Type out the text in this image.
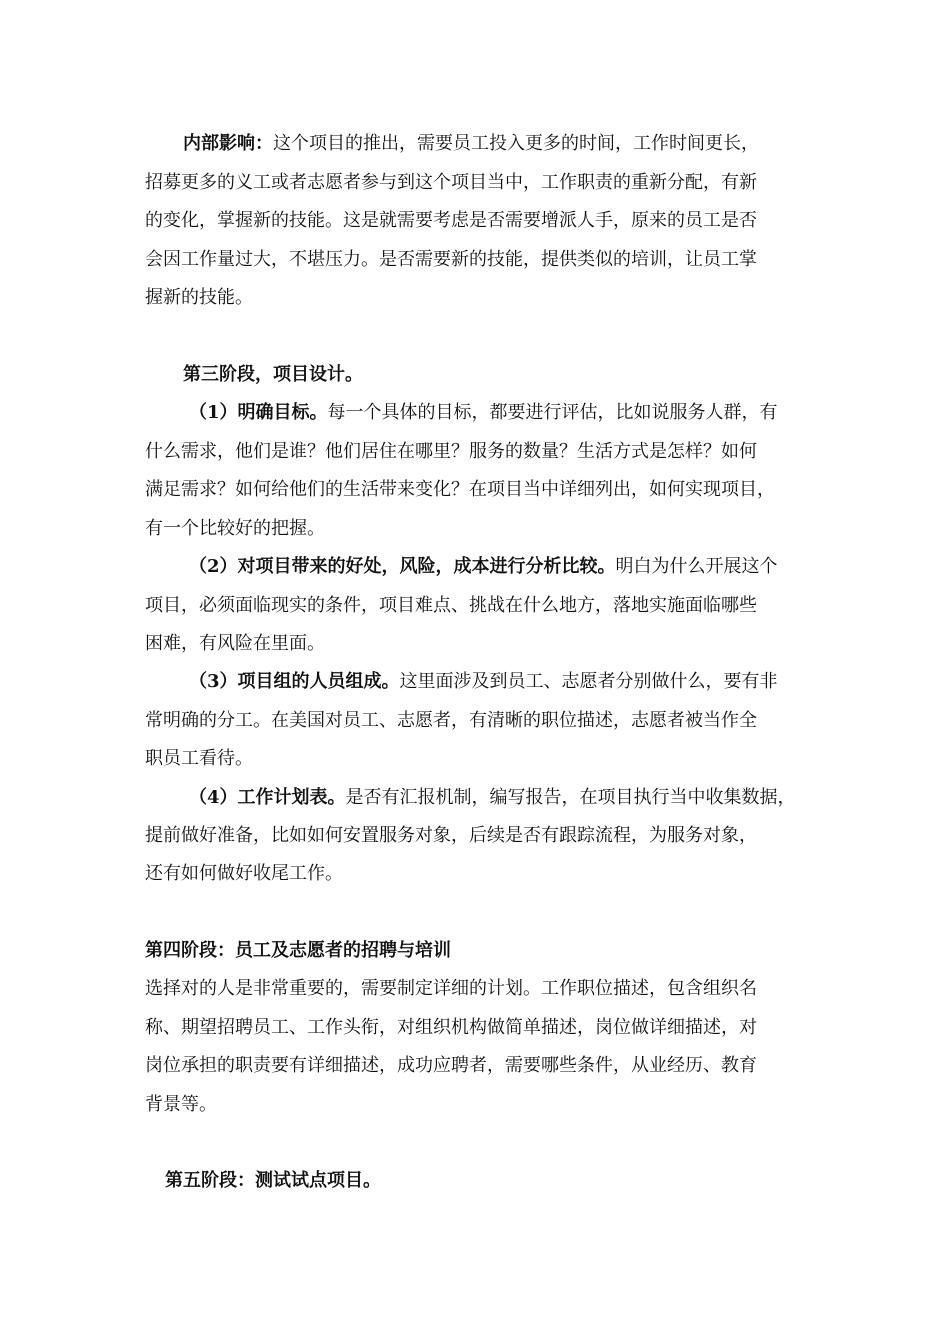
内部影响：这个项目的推出，需要员工投入更多的时间，工作时间更长，
招募更多的义工或者志愿者参与到这个项目当中，工作职责的重新分配，有新
的变化，掌握新的技能。这是就需要考虑是否需要增派人手，原来的员工是否
会因工作量过大，不堪压力。是否需要新的技能，提供类似的培训，让员工掌
握新的技能。
第三阶段，项目设计。
（1）明确目标。每一个具体的目标，都要进行评估，比如说服务人群，有
什么需求，他们是谁？他们居住在哪里？服务的数量？生活方式是怎样？如何
满足需求？如何给他们的生活带来变化？在项目当中详细列出，如何实现项目，
有一个比较好的把握。
（2）对项目带来的好处，风险，成本进行分析比较。明白为什么开展这个
项目，必须面临现实的条件，项目难点、挑战在什么地方，落地实施面临哪些
困难，有风险在里面。
（3）项目组的人员组成。这里面涉及到员工、志愿者分别做什么，要有非
常明确的分工。在美国对员工、志愿者，有清晰的职位描述，志愿者被当作全
职员工看待。
（4）工作计划表。是否有汇报机制，编写报告，在项目执行当中收集数据，
提前做好准备，比如如何安置服务对象，后续是否有跟踪流程，为服务对象，
还有如何做好收尾工作。
第四阶段：员工及志愿者的招聘与培训
选择对的人是非常重要的，需要制定详细的计划。工作职位描述，包含组织名
称、期望招聘员工、工作头衔，对组织机构做简单描述，岗位做详细描述，对
岗位承担的职责要有详细描述，成功应聘者，需要哪些条件，从业经历、教育
背景等。
第五阶段：测试试点项目。
